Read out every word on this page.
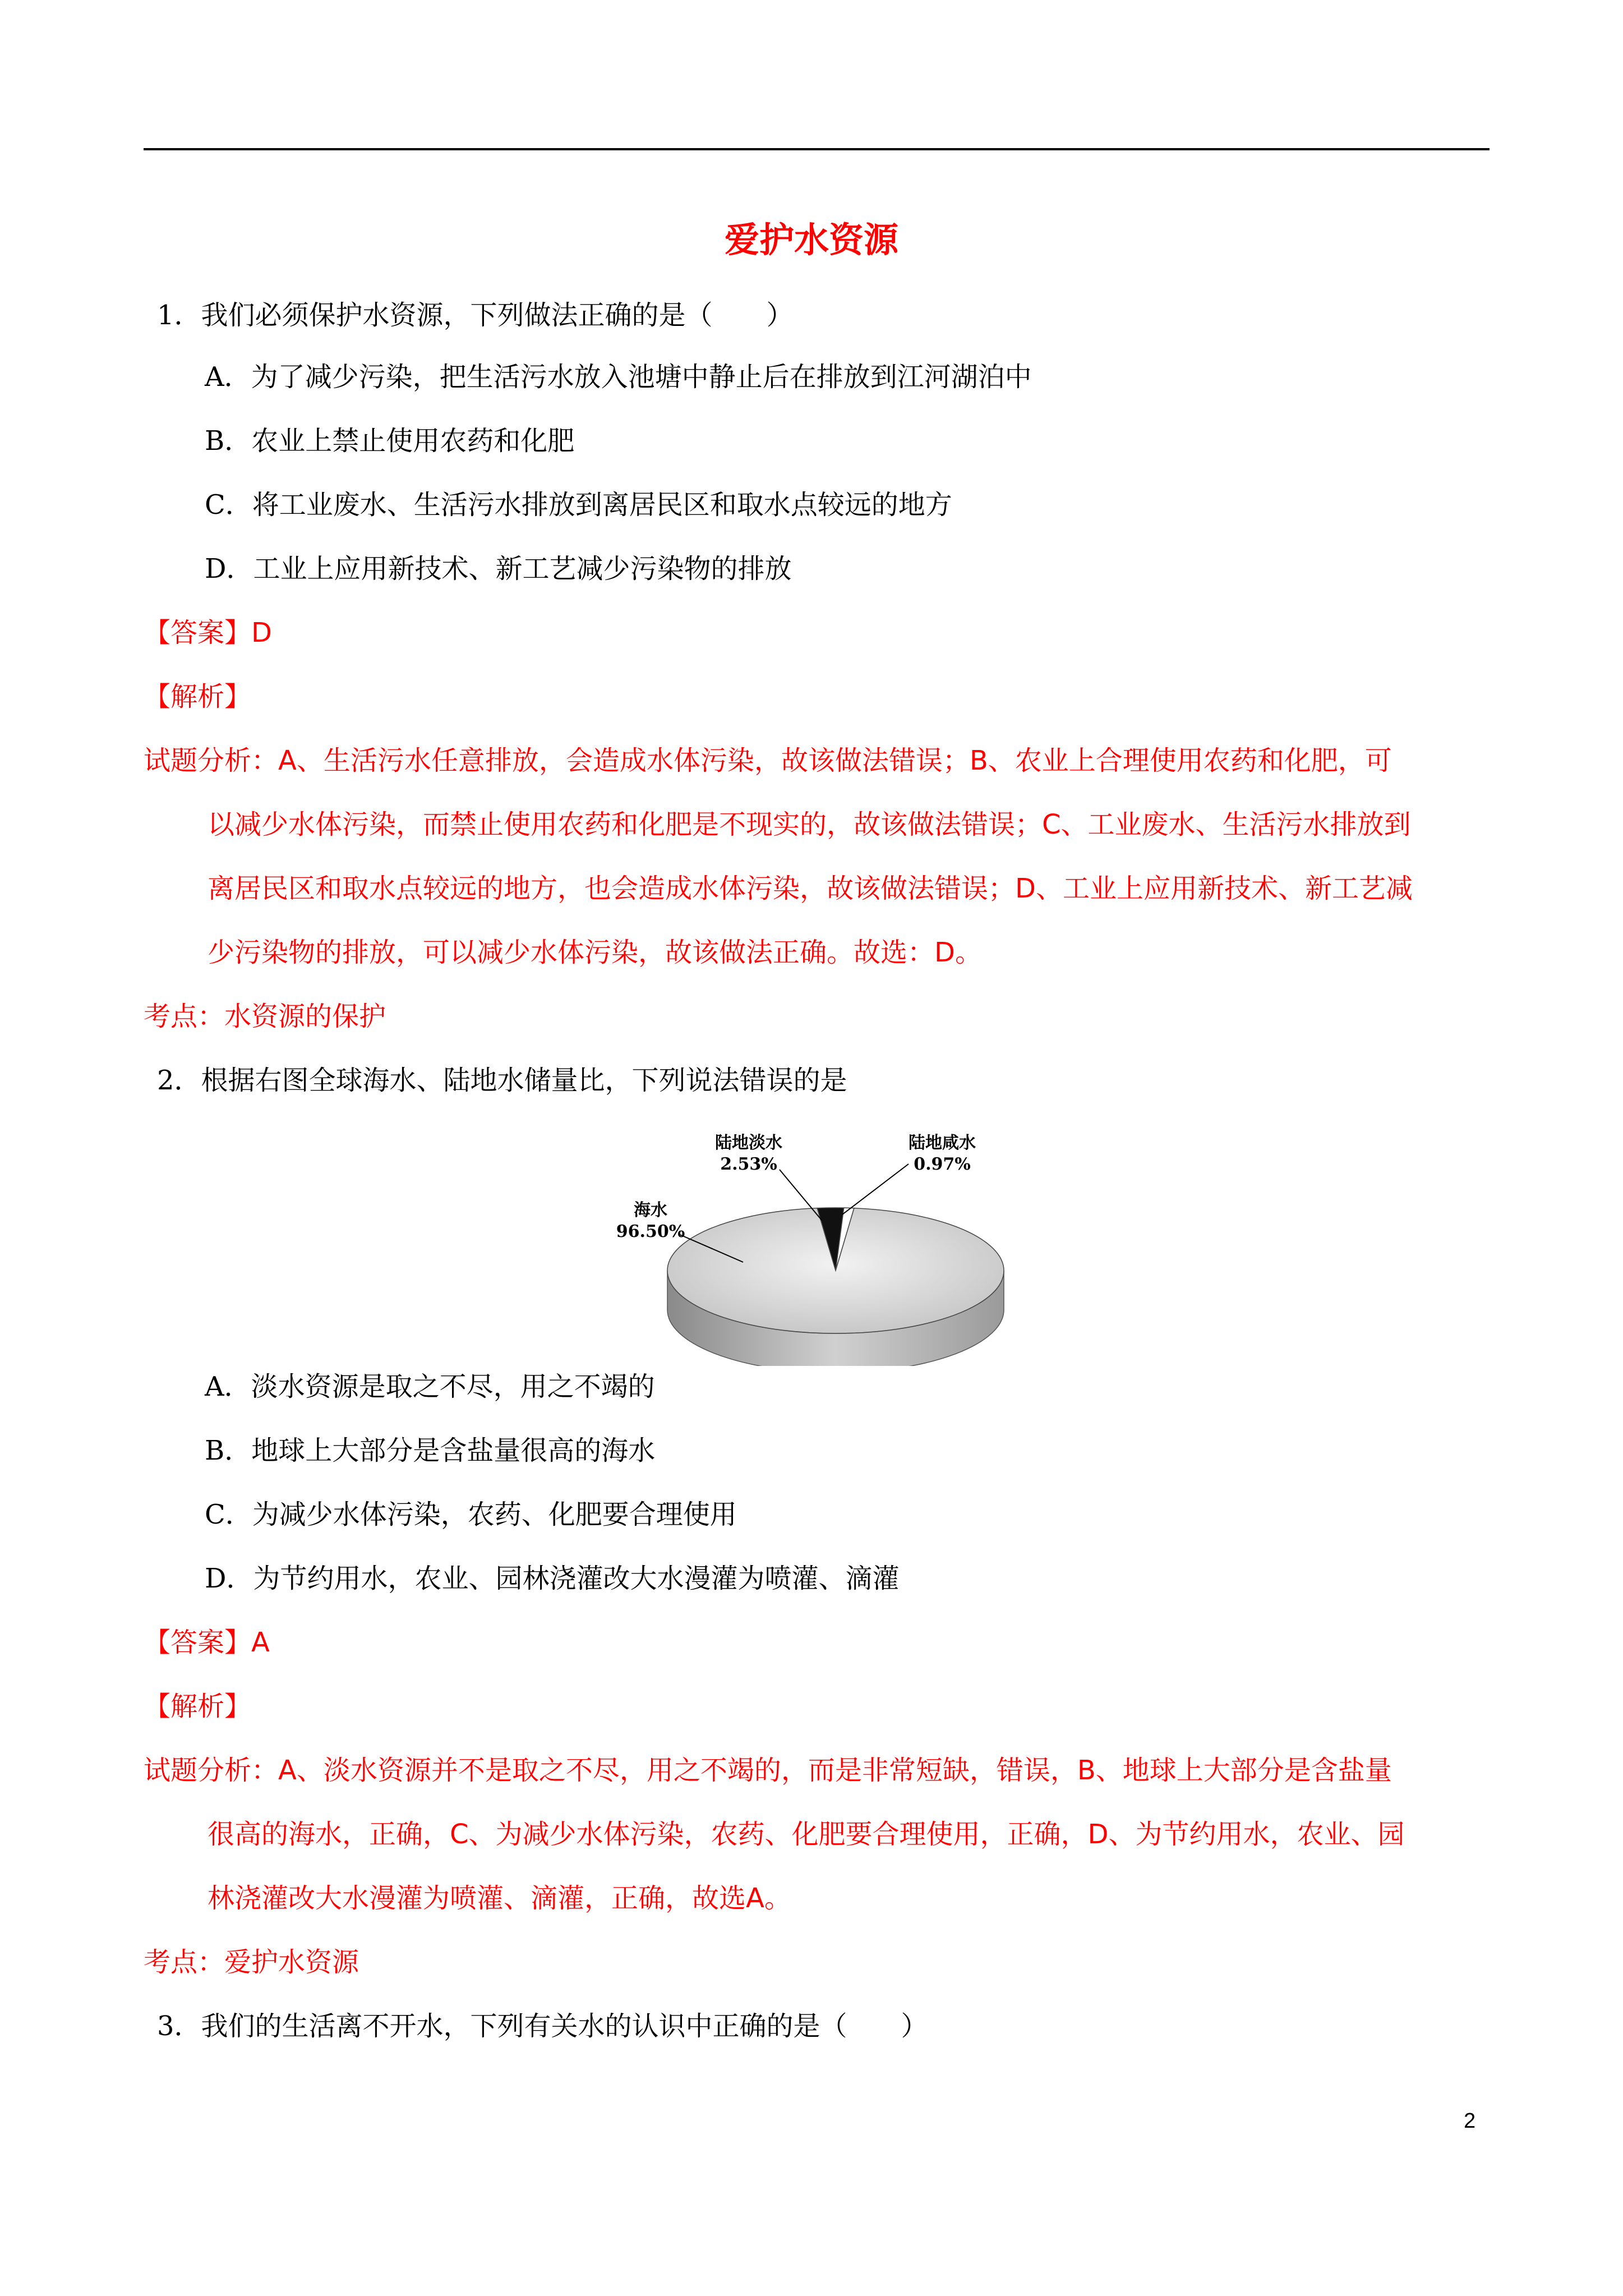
爱护水资源
1．我们必须保护水资源，下列做法正确的是（　　）
A．为了减少污染，把生活污水放入池塘中静止后在排放到江河湖泊中
B．农业上禁止使用农药和化肥
C．将工业废水、生活污水排放到离居民区和取水点较远的地方
D．工业上应用新技术、新工艺减少污染物的排放
【答案】D
【解析】
试题分析：A、生活污水任意排放，会造成水体污染，故该做法错误；B、农业上合理使用农药和化肥，可
以减少水体污染，而禁止使用农药和化肥是不现实的，故该做法错误；C、工业废水、生活污水排放到
离居民区和取水点较远的地方，也会造成水体污染，故该做法错误；D、工业上应用新技术、新工艺减
少污染物的排放，可以减少水体污染，故该做法正确。故选：D。
考点：水资源的保护
2．根据右图全球海水、陆地水储量比，下列说法错误的是
海水
96.50%
陆地淡水
2.53%
陆地咸水
0.97%
A．淡水资源是取之不尽，用之不竭的
B．地球上大部分是含盐量很高的海水
C．为减少水体污染，农药、化肥要合理使用
D．为节约用水，农业、园林浇灌改大水漫灌为喷灌、滴灌
【答案】A
【解析】
试题分析：A、淡水资源并不是取之不尽，用之不竭的，而是非常短缺，错误，B、地球上大部分是含盐量
很高的海水，正确，C、为减少水体污染，农药、化肥要合理使用，正确，D、为节约用水，农业、园
林浇灌改大水漫灌为喷灌、滴灌，正确，故选A。
考点：爱护水资源
3．我们的生活离不开水，下列有关水的认识中正确的是（　　）
2
